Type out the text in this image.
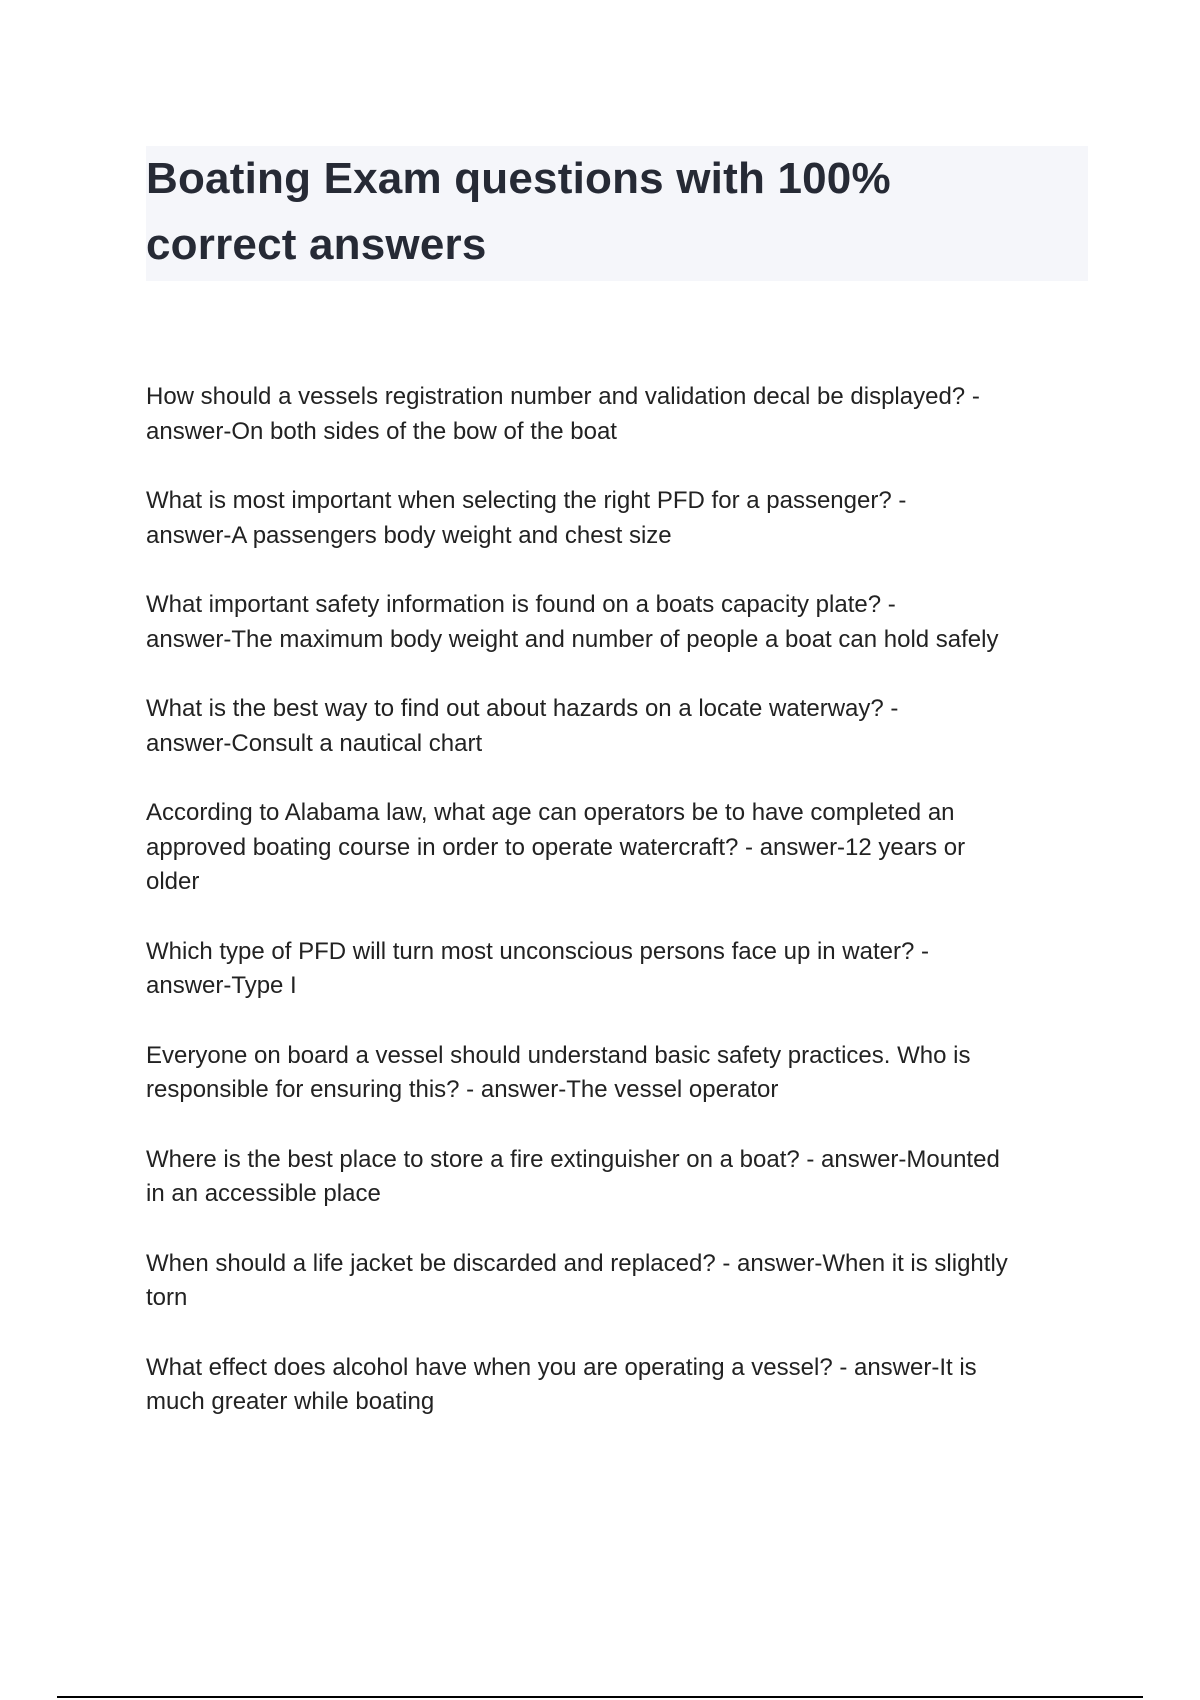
Boating Exam questions with 100%
correct answers
How should a vessels registration number and validation decal be displayed? -
answer-On both sides of the bow of the boat
What is most important when selecting the right PFD for a passenger? -
answer-A passengers body weight and chest size
What important safety information is found on a boats capacity plate? -
answer-The maximum body weight and number of people a boat can hold safely
What is the best way to find out about hazards on a locate waterway? -
answer-Consult a nautical chart
According to Alabama law, what age can operators be to have completed an
approved boating course in order to operate watercraft? - answer-12 years or
older
Which type of PFD will turn most unconscious persons face up in water? -
answer-Type I
Everyone on board a vessel should understand basic safety practices. Who is
responsible for ensuring this? - answer-The vessel operator
Where is the best place to store a fire extinguisher on a boat? - answer-Mounted
in an accessible place
When should a life jacket be discarded and replaced? - answer-When it is slightly
torn
What effect does alcohol have when you are operating a vessel? - answer-It is
much greater while boating
